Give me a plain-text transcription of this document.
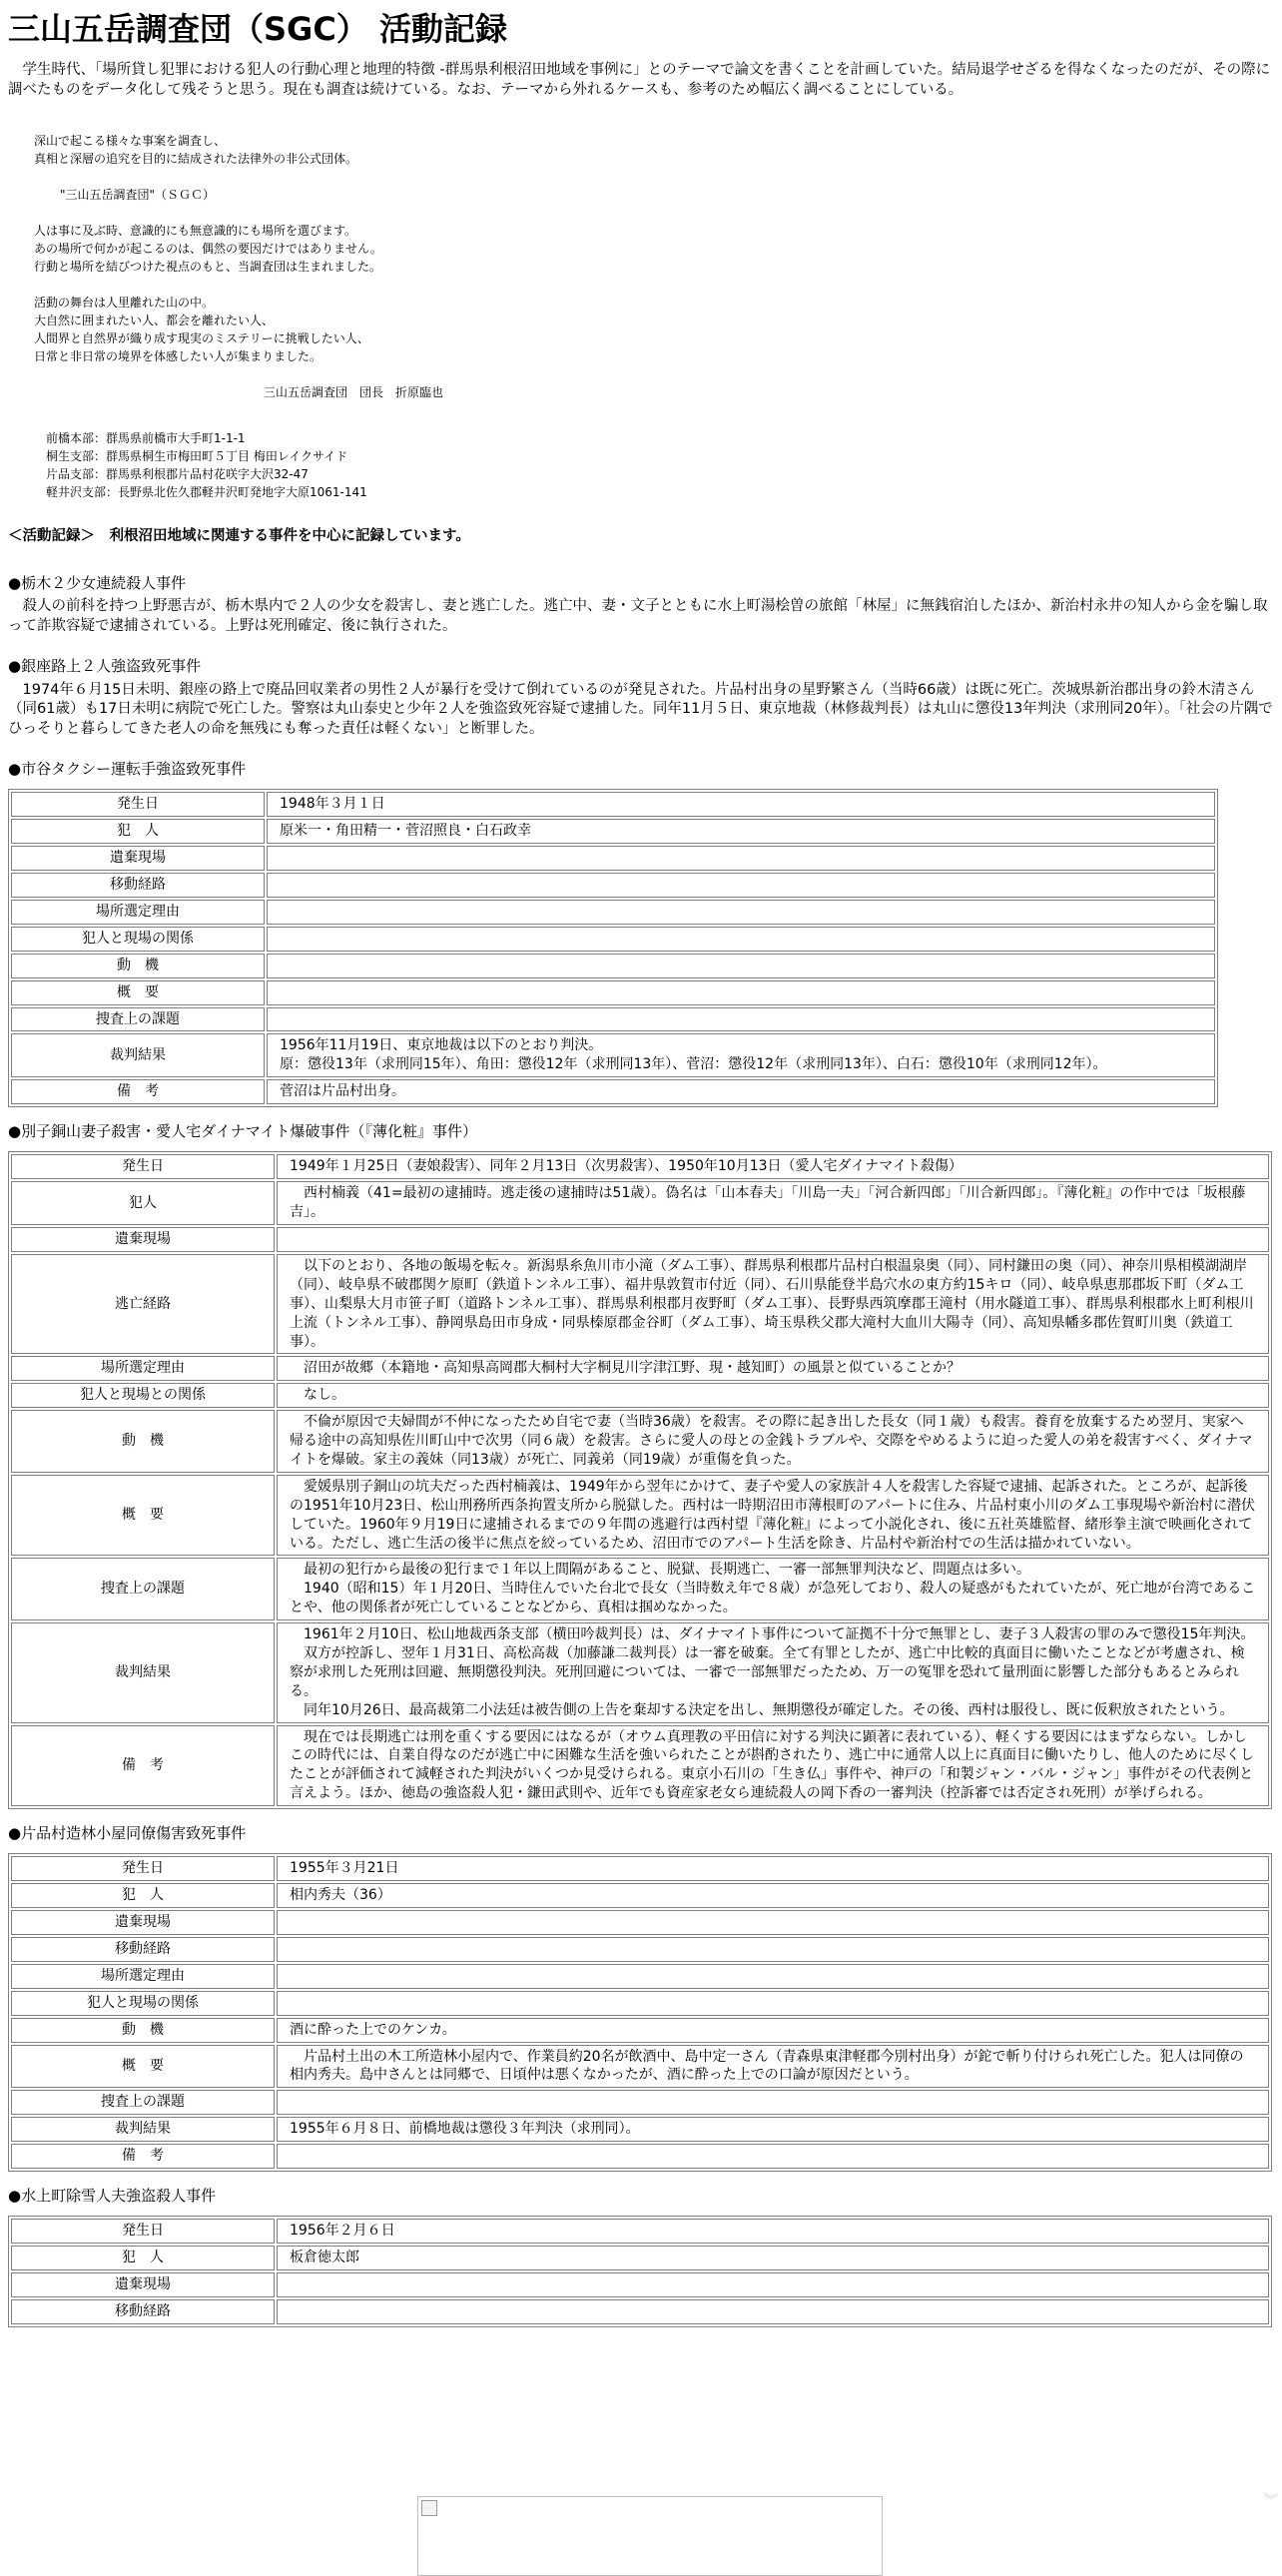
三山五岳調査団（SGC） 活動記録

　学生時代、「場所貸し犯罪における犯人の行動心理と地理的特徴 -群馬県利根沼田地域を事例に」とのテーマで論文を書くことを計画していた。結局退学せざるを得なくなったのだが、その際に調べたものをデータ化して残そうと思う。現在も調査は続けている。なお、テーマから外れるケースも、参考のため幅広く調べることにしている。

深山で起こる様々な事案を調査し、
真相と深層の追究を目的に結成された法律外の非公式団体。
"三山五岳調査団"（ＳＧＣ）
人は事に及ぶ時、意識的にも無意識的にも場所を選びます。
あの場所で何かが起こるのは、偶然の要因だけではありません。
行動と場所を結びつけた視点のもと、当調査団は生まれました。
活動の舞台は人里離れた山の中。
大自然に囲まれたい人、都会を離れたい人、
人間界と自然界が織り成す現実のミステリーに挑戦したい人、
日常と非日常の境界を体感したい人が集まりました。
三山五岳調査団　団長　折原臨也
前橋本部：群馬県前橋市大手町1-1-1
桐生支部：群馬県桐生市梅田町５丁目 梅田レイクサイド
片品支部：群馬県利根郡片品村花咲字大沢32-47
軽井沢支部：長野県北佐久郡軽井沢町発地字大原1061-141
＜活動記録＞　利根沼田地域に関連する事件を中心に記録しています。
●栃木２少女連続殺人事件
　殺人の前科を持つ上野悪吉が、栃木県内で２人の少女を殺害し、妻と逃亡した。逃亡中、妻・文子とともに水上町湯桧曽の旅館「林屋」に無銭宿泊したほか、新治村永井の知人から金を騙し取って詐欺容疑で逮捕されている。上野は死刑確定、後に執行された。
●銀座路上２人強盗致死事件
　1974年６月15日未明、銀座の路上で廃品回収業者の男性２人が暴行を受けて倒れているのが発見された。片品村出身の星野繁さん（当時66歳）は既に死亡。茨城県新治郡出身の鈴木清さん（同61歳）も17日未明に病院で死亡した。警察は丸山泰史と少年２人を強盗致死容疑で逮捕した。同年11月５日、東京地裁（林修裁判長）は丸山に懲役13年判決（求刑同20年）。「社会の片隅でひっそりと暮らしてきた老人の命を無残にも奪った責任は軽くない」と断罪した。
●市谷タクシー運転手強盗致死事件
発生日	1948年３月１日
犯　人	原米一・角田精一・菅沼照良・白石政幸
遺棄現場	
移動経路	
場所選定理由	
犯人と現場の関係	
動　機	
概　要	
捜査上の課題	
裁判結果	1956年11月19日、東京地裁は以下のとおり判決。
原：懲役13年（求刑同15年）、角田：懲役12年（求刑同13年）、菅沼：懲役12年（求刑同13年）、白石：懲役10年（求刑同12年）。
備　考	菅沼は片品村出身。
●別子銅山妻子殺害・愛人宅ダイナマイト爆破事件（『薄化粧』事件）
発生日	1949年１月25日（妻娘殺害）、同年２月13日（次男殺害）、1950年10月13日（愛人宅ダイナマイト殺傷）
犯人	　西村楠義（41=最初の逮捕時。逃走後の逮捕時は51歳）。偽名は「山本春夫」「川島一夫」「河合新四郎」「川合新四郎」。『薄化粧』の作中では「坂根藤吉」。
遺棄現場	
逃亡経路	　以下のとおり、各地の飯場を転々。新潟県糸魚川市小滝（ダム工事）、群馬県利根郡片品村白根温泉奥（同）、同村鎌田の奥（同）、神奈川県相模湖湖岸（同）、岐阜県不破郡関ケ原町（鉄道トンネル工事）、福井県敦賀市付近（同）、石川県能登半島穴水の東方約15キロ（同）、岐阜県恵那郡坂下町（ダム工事）、山梨県大月市笹子町（道路トンネル工事）、群馬県利根郡月夜野町（ダム工事）、長野県西筑摩郡王滝村（用水隧道工事）、群馬県利根郡水上町利根川上流（トンネル工事）、静岡県島田市身成・同県榛原郡金谷町（ダム工事）、埼玉県秩父郡大滝村大血川大陽寺（同）、高知県幡多郡佐賀町川奥（鉄道工事）。
場所選定理由	　沼田が故郷（本籍地・高知県高岡郡大桐村大字桐見川字津江野、現・越知町）の風景と似ていることか？
犯人と現場との関係	　なし。
動　機	　不倫が原因で夫婦間が不仲になったため自宅で妻（当時36歳）を殺害。その際に起き出した長女（同１歳）も殺害。養育を放棄するため翌月、実家へ帰る途中の高知県佐川町山中で次男（同６歳）を殺害。さらに愛人の母との金銭トラブルや、交際をやめるように迫った愛人の弟を殺害すべく、ダイナマイトを爆破。家主の義妹（同13歳）が死亡、同義弟（同19歳）が重傷を負った。
概　要	　愛媛県別子銅山の坑夫だった西村楠義は、1949年から翌年にかけて、妻子や愛人の家族計４人を殺害した容疑で逮捕、起訴された。ところが、起訴後の1951年10月23日、松山刑務所西条拘置支所から脱獄した。西村は一時期沼田市薄根町のアパートに住み、片品村東小川のダム工事現場や新治村に潜伏していた。1960年９月19日に逮捕されるまでの９年間の逃避行は西村望『薄化粧』によって小説化され、後に五社英雄監督、緒形拳主演で映画化されている。ただし、逃亡生活の後半に焦点を絞っているため、沼田市でのアパート生活を除き、片品村や新治村での生活は描かれていない。
捜査上の課題	　最初の犯行から最後の犯行まで１年以上間隔があること、脱獄、長期逃亡、一審一部無罪判決など、問題点は多い。
　1940（昭和15）年１月20日、当時住んでいた台北で長女（当時数え年で８歳）が急死しており、殺人の疑惑がもたれていたが、死亡地が台湾であることや、他の関係者が死亡していることなどから、真相は掴めなかった。
裁判結果	　1961年２月10日、松山地裁西条支部（横田吟裁判長）は、ダイナマイト事件について証拠不十分で無罪とし、妻子３人殺害の罪のみで懲役15年判決。
　双方が控訴し、翌年１月31日、高松高裁（加藤謙二裁判長）は一審を破棄。全て有罪としたが、逃亡中比較的真面目に働いたことなどが考慮され、検察が求刑した死刑は回避、無期懲役判決。死刑回避については、一審で一部無罪だったため、万一の冤罪を恐れて量刑面に影響した部分もあるとみられる。
　同年10月26日、最高裁第二小法廷は被告側の上告を棄却する決定を出し、無期懲役が確定した。その後、西村は服役し、既に仮釈放されたという。
備　考	　現在では長期逃亡は刑を重くする要因にはなるが（オウム真理教の平田信に対する判決に顕著に表れている）、軽くする要因にはまずならない。しかしこの時代には、自業自得なのだが逃亡中に困難な生活を強いられたことが斟酌されたり、逃亡中に通常人以上に真面目に働いたりし、他人のために尽くしたことが評価されて減軽された判決がいくつか見受けられる。東京小石川の「生き仏」事件や、神戸の「和製ジャン・バル・ジャン」事件がその代表例と言えよう。ほか、徳島の強盗殺人犯・鎌田武則や、近年でも資産家老女ら連続殺人の岡下香の一審判決（控訴審では否定され死刑）が挙げられる。
●片品村造林小屋同僚傷害致死事件
発生日	1955年３月21日
犯　人	相内秀夫（36）
遺棄現場	
移動経路	
場所選定理由	
犯人と現場の関係	
動　機	酒に酔った上でのケンカ。
概　要	　片品村土出の木工所造林小屋内で、作業員約20名が飲酒中、島中定一さん（青森県東津軽郡今別村出身）が鉈で斬り付けられ死亡した。犯人は同僚の相内秀夫。島中さんとは同郷で、日頃仲は悪くなかったが、酒に酔った上での口論が原因だという。
捜査上の課題	
裁判結果	1955年６月８日、前橋地裁は懲役３年判決（求刑同）。
備　考	
●水上町除雪人夫強盗殺人事件
発生日	1956年２月６日
犯　人	板倉徳太郎
遺棄現場	
移動経路	
︾
